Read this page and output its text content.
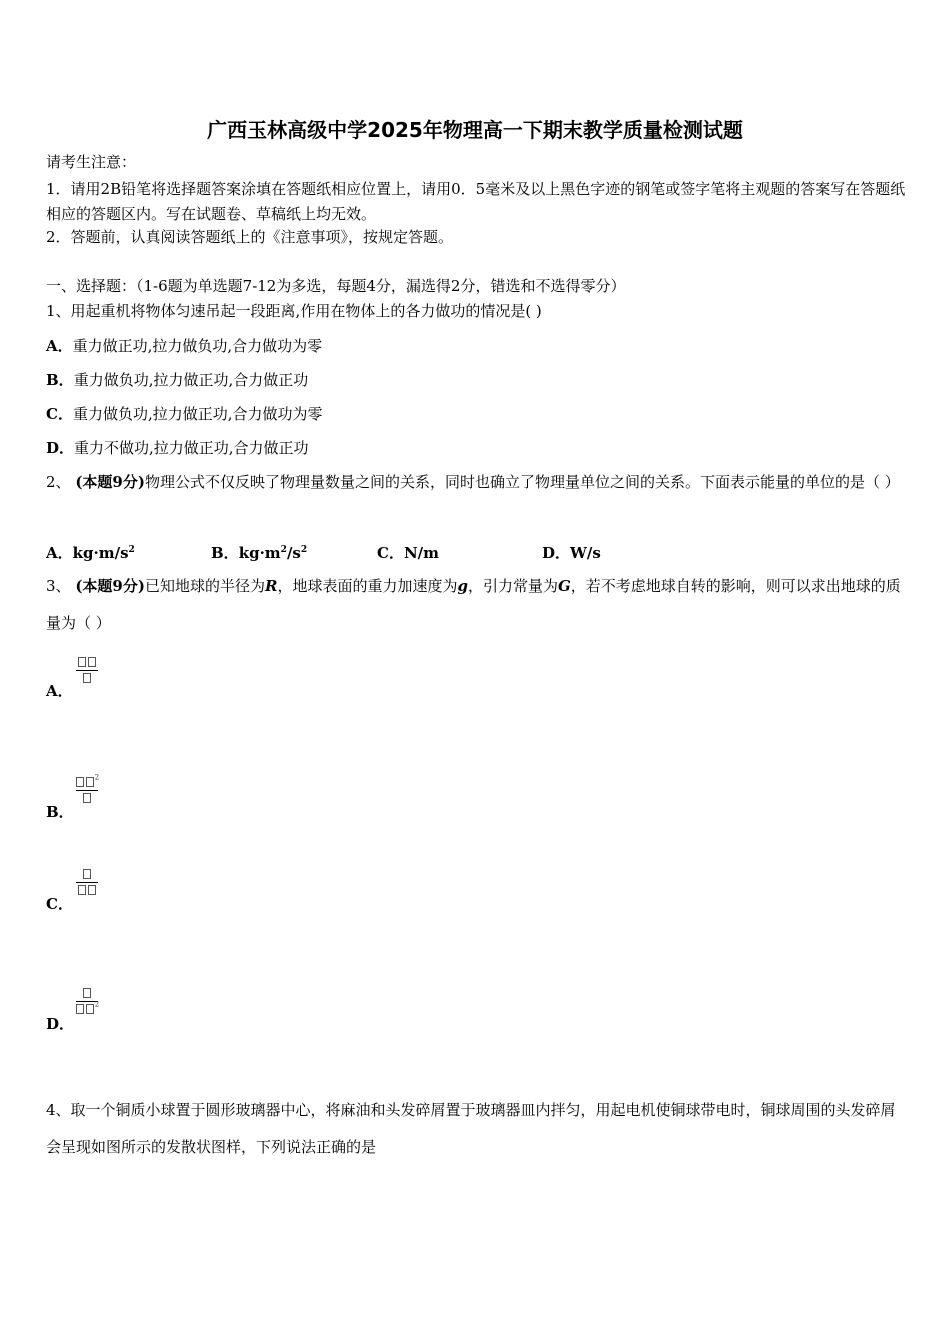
广西玉林高级中学2025年物理高一下期末教学质量检测试题
请考生注意：
1．请用2B铅笔将选择题答案涂填在答题纸相应位置上，请用0．5毫米及以上黑色字迹的钢笔或签字笔将主观题的答案写在答题纸相应的答题区内。写在试题卷、草稿纸上均无效。
2．答题前，认真阅读答题纸上的《注意事项》，按规定答题。
一、选择题：（1-6题为单选题7-12为多选，每题4分，漏选得2分，错选和不选得零分）
1、用起重机将物体匀速吊起一段距离,作用在物体上的各力做功的情况是( )
A．重力做正功,拉力做负功,合力做功为零
B．重力做负功,拉力做正功,合力做正功
C．重力做负功,拉力做正功,合力做功为零
D．重力不做功,拉力做正功,合力做正功
2、 (本题9分)物理公式不仅反映了物理量数量之间的关系，同时也确立了物理量单位之间的关系。下面表示能量的单位的是（ ）
A．$kg\cdot m/s^2$	B．$kg\cdot m^2/s^2$	C．N/m	D．W/s
3、 (本题9分)已知地球的半径为R，地球表面的重力加速度为g，引力常量为G，若不考虑地球自转的影响，则可以求出地球的质量为（ ）
A．
$^2$
B．
C．
$^2$
D．
4、取一个铜质小球置于圆形玻璃器中心，将麻油和头发碎屑置于玻璃器皿内拌匀，用起电机使铜球带电时，铜球周围的头发碎屑会呈现如图所示的发散状图样，下列说法正确的是
